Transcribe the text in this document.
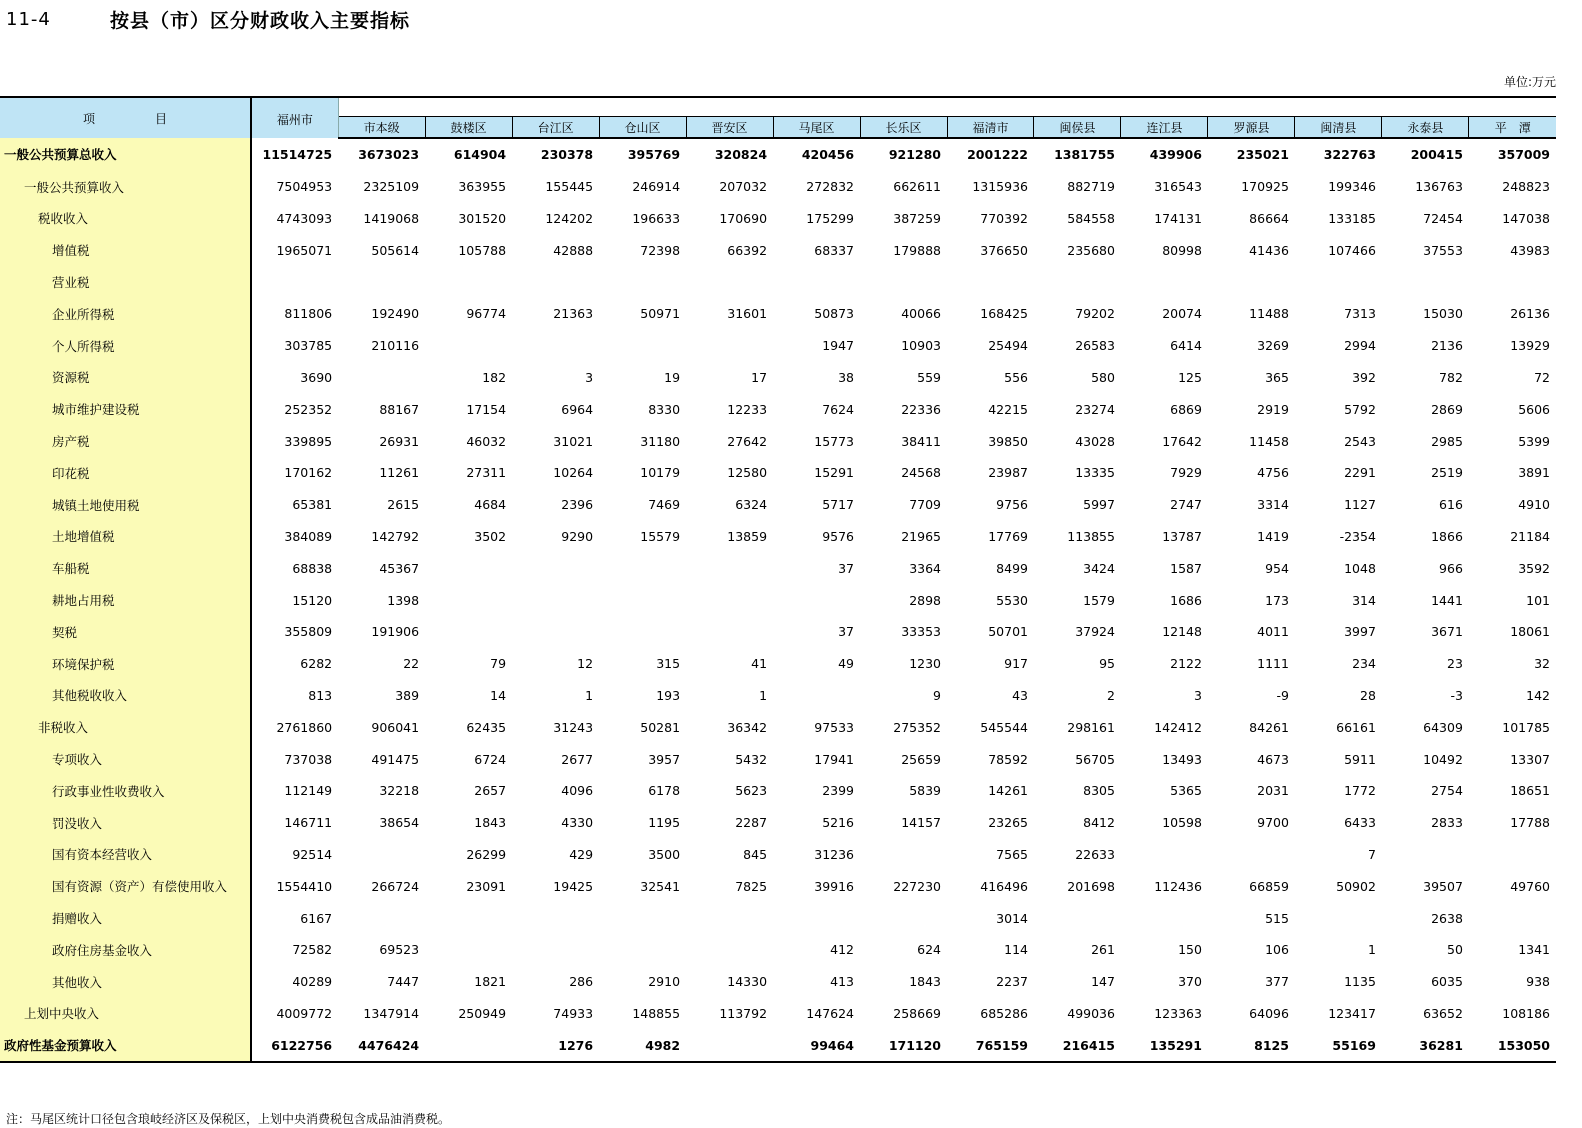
11-4	按县（市）区分财政收入主要指标
单位:万元
项　目	福州市														
		市本级	鼓楼区	台江区	仓山区	晋安区	马尾区	长乐区	福清市	闽侯县	连江县	罗源县	闽清县	永泰县	平　潭
一般公共预算总收入	11514725	3673023	614904	230378	395769	320824	420456	921280	2001222	1381755	439906	235021	322763	200415	357009
一般公共预算收入	7504953	2325109	363955	155445	246914	207032	272832	662611	1315936	882719	316543	170925	199346	136763	248823
税收收入	4743093	1419068	301520	124202	196633	170690	175299	387259	770392	584558	174131	86664	133185	72454	147038
增值税	1965071	505614	105788	42888	72398	66392	68337	179888	376650	235680	80998	41436	107466	37553	43983
营业税															
企业所得税	811806	192490	96774	21363	50971	31601	50873	40066	168425	79202	20074	11488	7313	15030	26136
个人所得税	303785	210116					1947	10903	25494	26583	6414	3269	2994	2136	13929
资源税	3690		182	3	19	17	38	559	556	580	125	365	392	782	72
城市维护建设税	252352	88167	17154	6964	8330	12233	7624	22336	42215	23274	6869	2919	5792	2869	5606
房产税	339895	26931	46032	31021	31180	27642	15773	38411	39850	43028	17642	11458	2543	2985	5399
印花税	170162	11261	27311	10264	10179	12580	15291	24568	23987	13335	7929	4756	2291	2519	3891
城镇土地使用税	65381	2615	4684	2396	7469	6324	5717	7709	9756	5997	2747	3314	1127	616	4910
土地增值税	384089	142792	3502	9290	15579	13859	9576	21965	17769	113855	13787	1419	-2354	1866	21184
车船税	68838	45367					37	3364	8499	3424	1587	954	1048	966	3592
耕地占用税	15120	1398						2898	5530	1579	1686	173	314	1441	101
契税	355809	191906					37	33353	50701	37924	12148	4011	3997	3671	18061
环境保护税	6282	22	79	12	315	41	49	1230	917	95	2122	1111	234	23	32
其他税收收入	813	389	14	1	193	1		9	43	2	3	-9	28	-3	142
非税收入	2761860	906041	62435	31243	50281	36342	97533	275352	545544	298161	142412	84261	66161	64309	101785
专项收入	737038	491475	6724	2677	3957	5432	17941	25659	78592	56705	13493	4673	5911	10492	13307
行政事业性收费收入	112149	32218	2657	4096	6178	5623	2399	5839	14261	8305	5365	2031	1772	2754	18651
罚没收入	146711	38654	1843	4330	1195	2287	5216	14157	23265	8412	10598	9700	6433	2833	17788
国有资本经营收入	92514		26299	429	3500	845	31236		7565	22633			7		
国有资源（资产）有偿使用收入	1554410	266724	23091	19425	32541	7825	39916	227230	416496	201698	112436	66859	50902	39507	49760
捐赠收入	6167								3014			515		2638	
政府住房基金收入	72582	69523					412	624	114	261	150	106	1	50	1341
其他收入	40289	7447	1821	286	2910	14330	413	1843	2237	147	370	377	1135	6035	938
上划中央收入	4009772	1347914	250949	74933	148855	113792	147624	258669	685286	499036	123363	64096	123417	63652	108186
政府性基金预算收入	6122756	4476424		1276	4982		99464	171120	765159	216415	135291	8125	55169	36281	153050
注：马尾区统计口径包含琅岐经济区及保税区，上划中央消费税包含成品油消费税。
